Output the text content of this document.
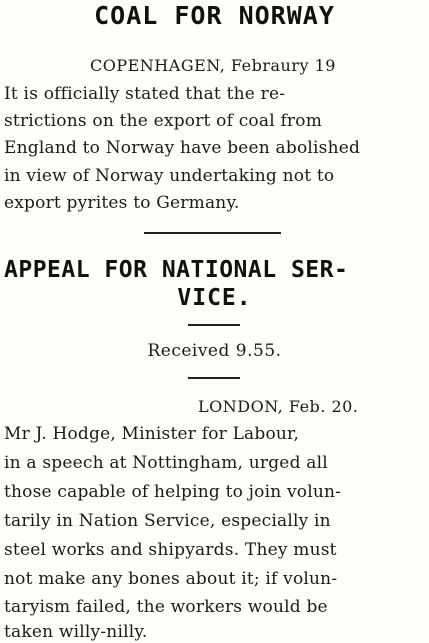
COAL FOR NORWAY
COPENHAGEN, Febraury 19
It is officially stated that the re-
strictions on the export of coal from
England to Norway have been abolished
in view of Norway undertaking not to
export pyrites to Germany.
APPEAL FOR NATIONAL SER-
VICE.
Received 9.55.
LONDON, Feb. 20.
Mr J. Hodge, Minister for Labour,
in a speech at Nottingham, urged all
those capable of helping to join volun-
tarily in Nation Service, especially in
steel works and shipyards. They must
not make any bones about it; if volun-
taryism failed, the workers would be
taken willy-nilly.
